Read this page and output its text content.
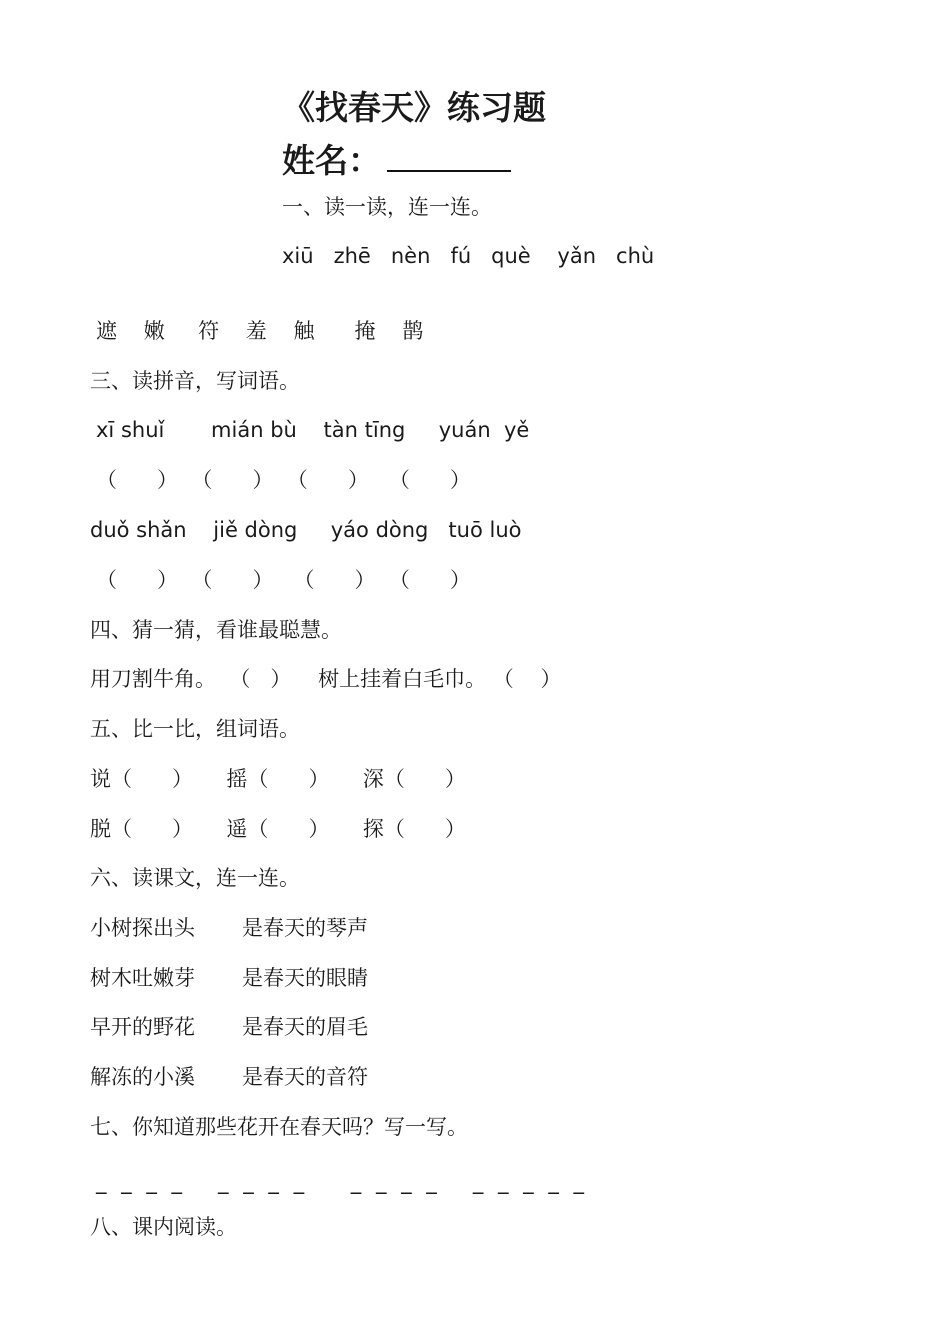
《找春天》练习题
姓名：
一、读一读，连一连。
xiū   zhē   nèn   fú   què    yǎn   chù
遮    嫩     符    羞    触      掩    鹊
三、读拼音，写词语。
xī shuǐ       mián bù    tàn tīng     yuán  yě
（      ）  （      ）  （      ）   （      ）
duǒ shǎn    jiě dòng     yáo dòng   tuō luò
（      ）  （      ）   （      ）  （      ）
四、猜一猜，看谁最聪慧。
用刀割牛角。  （   ）    树上挂着白毛巾。 （    ）
五、比一比，组词语。
说（      ）     摇（      ）     深（      ）
脱（      ）     遥（      ）     探（      ）
六、读课文，连一连。
小树探出头 是春天的琴声
树木吐嫩芽 是春天的眼睛
早开的野花 是春天的眉毛
解冻的小溪 是春天的音符
七、你知道那些花开在春天吗？写一写。
_ _ _ _   _ _ _ _    _ _ _ _   _ _ _ _ _
八、课内阅读。
